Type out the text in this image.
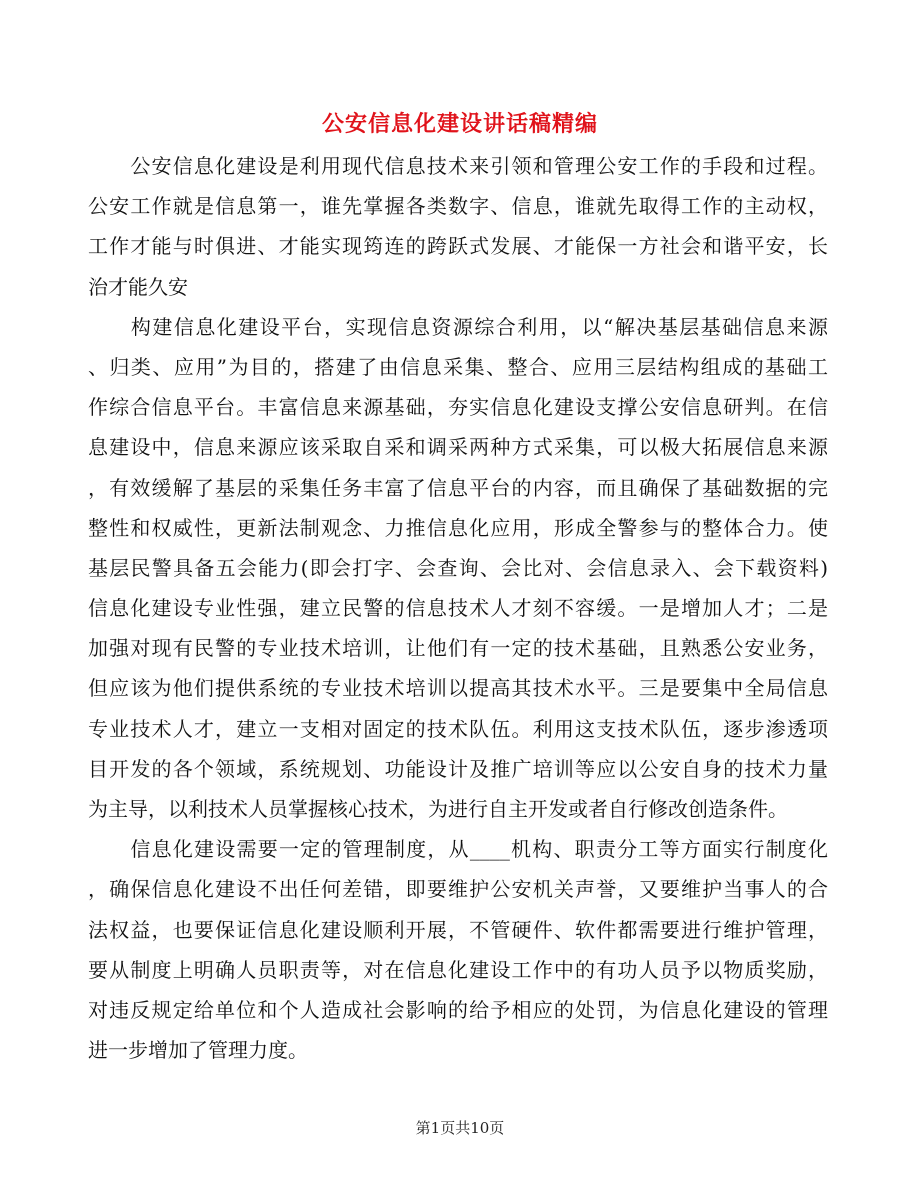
公安信息化建设讲话稿精编
　　公安信息化建设是利用现代信息技术来引领和管理公安工作的手段和过程。
公安工作就是信息第一，谁先掌握各类数字、信息，谁就先取得工作的主动权，
工作才能与时俱进、才能实现筠连的跨跃式发展、才能保一方社会和谐平安，长
治才能久安
　　构建信息化建设平台，实现信息资源综合利用，以“解决基层基础信息来源
、归类、应用”为目的，搭建了由信息采集、整合、应用三层结构组成的基础工
作综合信息平台。丰富信息来源基础，夯实信息化建设支撑公安信息研判。在信
息建设中，信息来源应该采取自采和调采两种方式采集，可以极大拓展信息来源
，有效缓解了基层的采集任务丰富了信息平台的内容，而且确保了基础数据的完
整性和权威性，更新法制观念、力推信息化应用，形成全警参与的整体合力。使
基层民警具备五会能力(即会打字、会查询、会比对、会信息录入、会下载资料)
信息化建设专业性强，建立民警的信息技术人才刻不容缓。一是增加人才；二是
加强对现有民警的专业技术培训，让他们有一定的技术基础，且熟悉公安业务，
但应该为他们提供系统的专业技术培训以提高其技术水平。三是要集中全局信息
专业技术人才，建立一支相对固定的技术队伍。利用这支技术队伍，逐步渗透项
目开发的各个领域，系统规划、功能设计及推广培训等应以公安自身的技术力量
为主导，以利技术人员掌握核心技术，为进行自主开发或者自行修改创造条件。
　　信息化建设需要一定的管理制度，从____机构、职责分工等方面实行制度化
，确保信息化建设不出任何差错，即要维护公安机关声誉，又要维护当事人的合
法权益，也要保证信息化建设顺利开展，不管硬件、软件都需要进行维护管理，
要从制度上明确人员职责等，对在信息化建设工作中的有功人员予以物质奖励，
对违反规定给单位和个人造成社会影响的给予相应的处罚，为信息化建设的管理
进一步增加了管理力度。
第1页共10页
